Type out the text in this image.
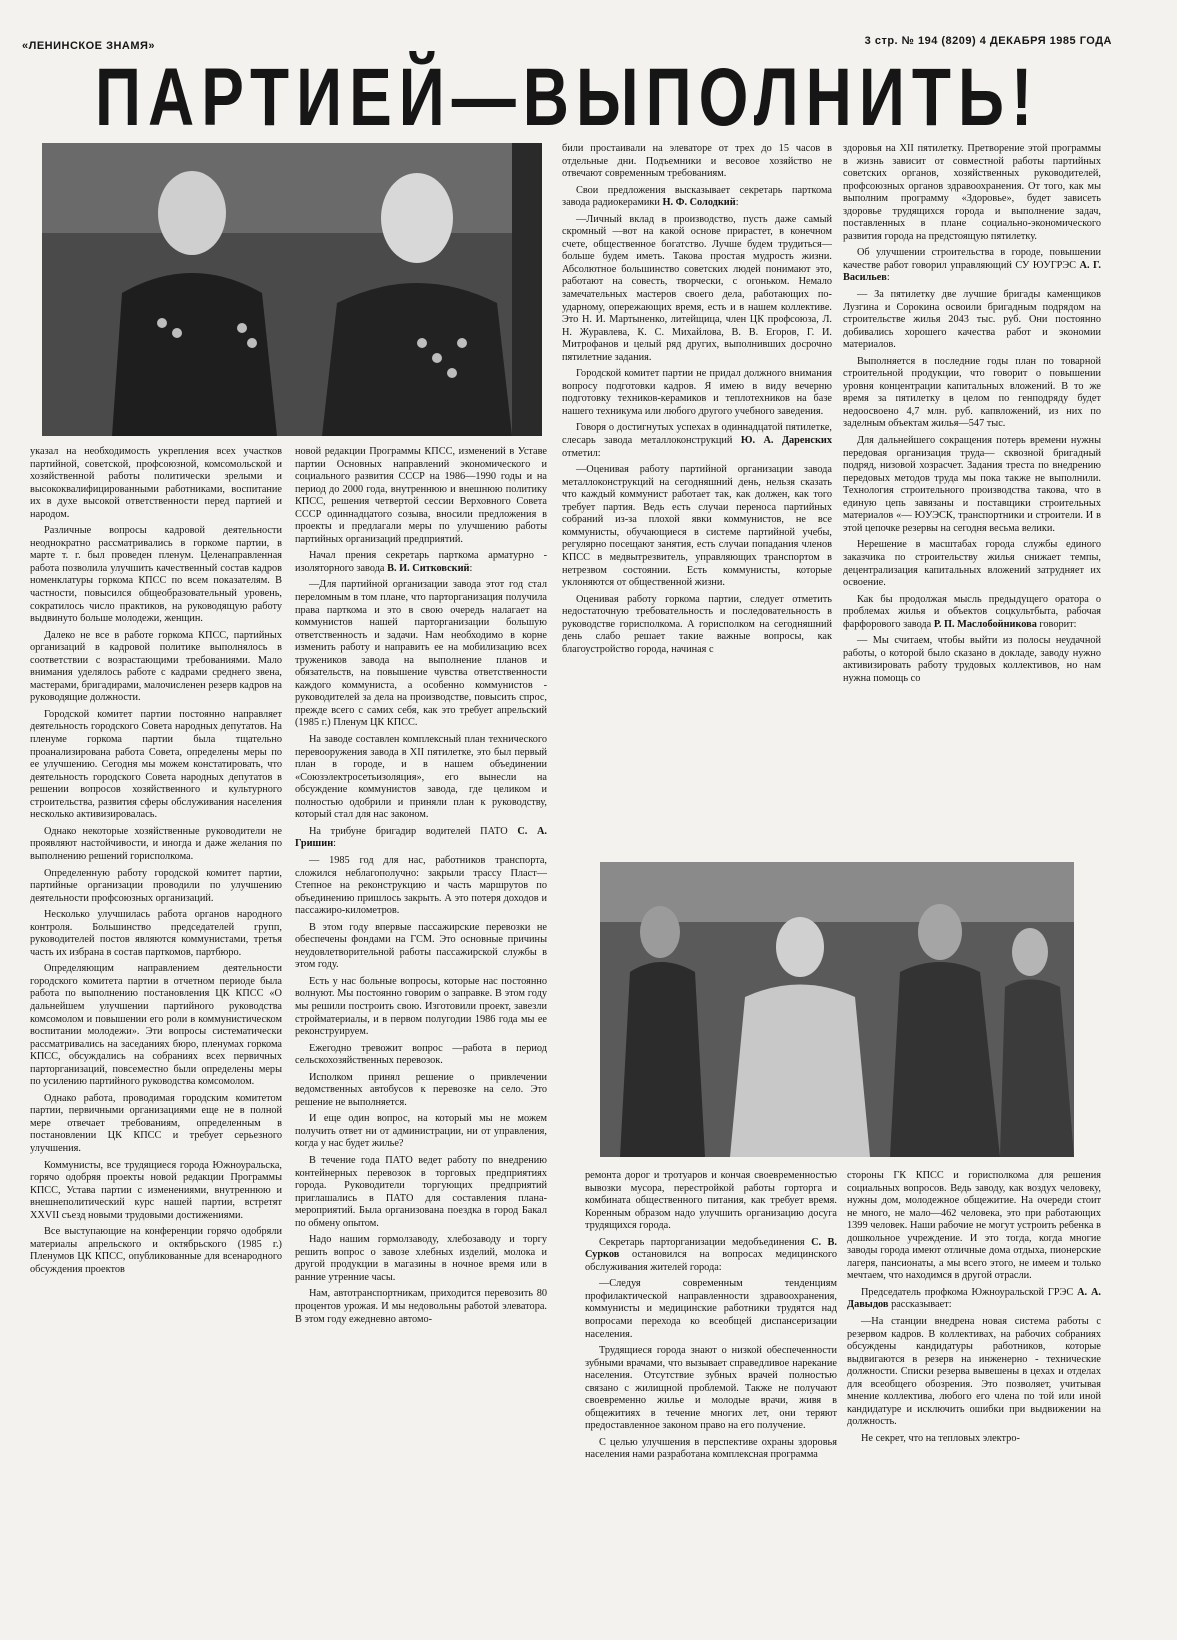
«ЛЕНИНСКОЕ ЗНАМЯ»	3 стр. № 194 (8209) 4 ДЕКАБРЯ 1985 ГОДА
ПАРТИЕЙ—ВЫПОЛНИТЬ!

указал на необходимость укрепления всех участков партийной, советской, профсоюзной, комсомольской и хозяйственной работы политически зрелыми и высококвалифицированными работниками, воспитание их в духе высокой ответственности перед партией и народом.

Различные вопросы кадровой деятельности неоднократно рассматривались в горкоме партии, в марте т. г. был проведен пленум. Целенаправленная работа позволила улучшить качественный состав кадров номенклатуры горкома КПСС по всем показателям. В частности, повысился общеобразовательный уровень, сократилось число практиков, на руководящую работу выдвинуто больше молодежи, женщин.

Далеко не все в работе горкома КПСС, партийных организаций в кадровой политике выполнялось в соответствии с возрастающими требованиями. Мало внимания уделялось работе с кадрами среднего звена, мастерами, бригадирами, малочисленен резерв кадров на руководящие должности.

Городской комитет партии постоянно направляет деятельность городского Совета народных депутатов. На пленуме горкома партии была тщательно проанализирована работа Совета, определены меры по ее улучшению. Сегодня мы можем констатировать, что деятельность городского Совета народных депутатов в решении вопросов хозяйственного и культурного строительства, развития сферы обслуживания населения несколько активизировалась.

Однако некоторые хозяйственные руководители не проявляют настойчивости, и иногда и даже желания по выполнению решений горисполкома.

Определенную работу городской комитет партии, партийные организации проводили по улучшению деятельности профсоюзных организаций.

Несколько улучшилась работа органов народного контроля. Большинство председателей групп, руководителей постов являются коммунистами, третья часть их избрана в состав парткомов, партбюро.

Определяющим направлением деятельности городского комитета партии в отчетном периоде была работа по выполнению постановления ЦК КПСС «О дальнейшем улучшении партийного руководства комсомолом и повышении его роли в коммунистическом воспитании молодежи». Эти вопросы систематически рассматривались на заседаниях бюро, пленумах горкома КПСС, обсуждались на собраниях всех первичных парторганизаций, повсеместно были определены меры по усилению партийного руководства комсомолом.

Однако работа, проводимая городским комитетом партии, первичными организациями еще не в полной мере отвечает требованиям, определенным в постановлении ЦК КПСС и требует серьезного улучшения.

Коммунисты, все трудящиеся города Южноуральска, горячо одобряя проекты новой редакции Программы КПСС, Устава партии с изменениями, внутреннюю и внешнеполитический курс нашей партии, встретят XXVII съезд новыми трудовыми достижениями.

Все выступающие на конференции горячо одобряли материалы апрельского и октябрьского (1985 г.) Пленумов ЦК КПСС, опубликованные для всенародного обсуждения проектов

новой редакции Программы КПСС, изменений в Уставе партии Основных направлений экономического и социального развития СССР на 1986—1990 годы и на период до 2000 года, внутреннюю и внешнюю политику КПСС, решения четвертой сессии Верховного Совета СССР одиннадцатого созыва, вносили предложения в проекты и предлагали меры по улучшению работы партийных организаций предприятий.

Начал прения секретарь парткома арматурно - изоляторного завода В. И. Ситковский:

—Для партийной организации завода этот год стал переломным в том плане, что парторганизация получила права парткома и это в свою очередь налагает на коммунистов нашей парторганизации большую ответственность и задачи. Нам необходимо в корне изменить работу и направить ее на мобилизацию всех тружеников завода на выполнение планов и обязательств, на повышение чувства ответственности каждого коммуниста, а особенно коммунистов - руководителей за дела на производстве, повысить спрос, прежде всего с самих себя, как это требует апрельский (1985 г.) Пленум ЦК КПСС.

На заводе составлен комплексный план технического перевооружения завода в XII пятилетке, это был первый план в городе, и в нашем объединении «Союзэлектросетьизоляция», его вынесли на обсуждение коммунистов завода, где целиком и полностью одобрили и приняли план к руководству, который стал для нас законом.

На трибуне бригадир водителей ПАТО С. А. Гришин:

— 1985 год для нас, работников транспорта, сложился неблагополучно: закрыли трассу Пласт—Степное на реконструкцию и часть маршрутов по объединению пришлось закрыть. А это потеря доходов и пассажиро-километров.

В этом году впервые пассажирские перевозки не обеспечены фондами на ГСМ. Это основные причины неудовлетворительной работы пассажирской службы в этом году.

Есть у нас больные вопросы, которые нас постоянно волнуют. Мы постоянно говорим о заправке. В этом году мы решили построить свою. Изготовили проект, завезли стройматериалы, и в первом полугодии 1986 года мы ее реконструируем.

Ежегодно тревожит вопрос —работа в период сельскохозяйственных перевозок.

Исполком принял решение о привлечении ведомственных автобусов к перевозке на село. Это решение не выполняется.

И еще один вопрос, на который мы не можем получить ответ ни от администрации, ни от управления, когда у нас будет жилье?

В течение года ПАТО ведет работу по внедрению контейнерных перевозок в торговых предприятиях города. Руководители торгующих предприятий приглашались в ПАТО для составления плана-мероприятий. Была организована поездка в город Бакал по обмену опытом.

Надо нашим гормолзаводу, хлебозаводу и торгу решить вопрос о завозе хлебных изделий, молока и другой продукции в магазины в ночное время или в ранние утренние часы.

Нам, автотранспортникам, приходится перевозить 80 процентов урожая. И мы недовольны работой элеватора. В этом году ежедневно автомо-

били простаивали на элеваторе от трех до 15 часов в отдельные дни. Подъемники и весовое хозяйство не отвечают современным требованиям.

Свои предложения высказывает секретарь парткома завода радиокерамики Н. Ф. Солодкий:

—Личный вклад в производство, пусть даже самый скромный —вот на какой основе прирастет, в конечном счете, общественное богатство. Лучше будем трудиться— больше будем иметь. Такова простая мудрость жизни. Абсолютное большинство советских людей понимают это, работают на совесть, творчески, с огоньком. Немало замечательных мастеров своего дела, работающих по-ударному, опережающих время, есть и в нашем коллективе. Это Н. И. Мартыненко, литейщица, член ЦК профсоюза, Л. Н. Журавлева, К. С. Михайлова, В. В. Егоров, Г. И. Митрофанов и целый ряд других, выполнивших досрочно пятилетние задания.

Городской комитет партии не придал должного внимания вопросу подготовки кадров. Я имею в виду вечерню подготовку техников-керамиков и теплотехников на базе нашего техникума или любого другого учебного заведения.

Говоря о достигнутых успехах в одиннадцатой пятилетке, слесарь завода металлоконструкций Ю. А. Даренских отметил:

—Оценивая работу партийной организации завода металлоконструкций на сегодняшний день, нельзя сказать что каждый коммунист работает так, как должен, как того требует партия. Ведь есть случаи переноса партийных собраний из-за плохой явки коммунистов, не все коммунисты, обучающиеся в системе партийной учебы, регулярно посещают занятия, есть случаи попадания членов КПСС в медвытрезвитель, управляющих транспортом в нетрезвом состоянии. Есть коммунисты, которые уклоняются от общественной жизни.

Оценивая работу горкома партии, следует отметить недостаточную требовательность и последовательность в руководстве горисполкома. А горисполком на сегодняшний день слабо решает такие важные вопросы, как благоустройство города, начиная с

здоровья на XII пятилетку. Претворение этой программы в жизнь зависит от совместной работы партийных советских органов, хозяйственных руководителей, профсоюзных органов здравоохранения. От того, как мы выполним программу «Здоровье», будет зависеть здоровье трудящихся города и выполнение задач, поставленных в плане социально-экономического развития города на предстоящую пятилетку.

Об улучшении строительства в городе, повышении качестве работ говорил управляющий СУ ЮУГРЭС А. Г. Васильев:

— За пятилетку две лучшие бригады каменщиков Лузгина и Сорокина освоили бригадным подрядом на строительстве жилья 2043 тыс. руб. Они постоянно добивались хорошего качества работ и экономии материалов.

Выполняется в последние годы план по товарной строительной продукции, что говорит о повышении уровня концентрации капитальных вложений. В то же время за пятилетку в целом по генподряду будет недоосвоено 4,7 млн. руб. капвложений, из них по заделным объектам жилья—547 тыс.

Для дальнейшего сокращения потерь времени нужны передовая организация труда— сквозной бригадный подряд, низовой хозрасчет. Задания треста по внедрению передовых методов труда мы пока также не выполнили. Технология строительного производства такова, что в единую цепь завязаны и поставщики строительных материалов «— ЮУЭСК, транспортники и строители. И в этой цепочке резервы на сегодня весьма велики.

Нерешение в масштабах города службы единого заказчика по строительству жилья снижает темпы, децентрализация капитальных вложений затрудняет их освоение.

Как бы продолжая мысль предыдущего оратора о проблемах жилья и объектов соцкультбыта, рабочая фарфорового завода Р. П. Маслобойникова говорит:

— Мы считаем, чтобы выйти из полосы неудачной работы, о которой было сказано в докладе, заводу нужно активизировать работу трудовых коллективов, но нам нужна помощь со

ремонта дорог и тротуаров и кончая своевременностью вывозки мусора, перестройкой работы горторга и комбината общественного питания, как требует время. Коренным образом надо улучшить организацию досуга трудящихся города.

Секретарь парторганизации медобъединения С. В. Сурков остановился на вопросах медицинского обслуживания жителей города:

—Следуя современным тенденциям профилактической направленности здравоохранения, коммунисты и медицинские работники трудятся над вопросами перехода ко всеобщей диспансеризации населения.

Трудящиеся города знают о низкой обеспеченности зубными врачами, что вызывает справедливое нарекание населения. Отсутствие зубных врачей полностью связано с жилищной проблемой. Также не получают своевременно жилье и молодые врачи, живя в общежитиях в течение многих лет, они теряют предоставленное законом право на его получение.

С целью улучшения в перспективе охраны здоровья населения нами разработана комплексная программа

стороны ГК КПСС и горисполкома для решения социальных вопросов. Ведь заводу, как воздух человеку, нужны дом, молодежное общежитие. На очереди стоит не много, не мало—462 человека, это при работающих 1399 человек. Наши рабочие не могут устроить ребенка в дошкольное учреждение. И это тогда, когда многие заводы города имеют отличные дома отдыха, пионерские лагеря, пансионаты, а мы всего этого, не имеем и только мечтаем, что находимся в другой отрасли.

Председатель профкома Южноуральской ГРЭС А. А. Давыдов рассказывает:

—На станции внедрена новая система работы с резервом кадров. В коллективах, на рабочих собраниях обсуждены кандидатуры работников, которые выдвигаются в резерв на инженерно - технические должности. Списки резерва вывешены в цехах и отделах для всеобщего обозрения. Это позволяет, учитывая мнение коллектива, любого его члена по той или иной кандидатуре и исключить ошибки при выдвижении на должность.

Не секрет, что на тепловых электро-
